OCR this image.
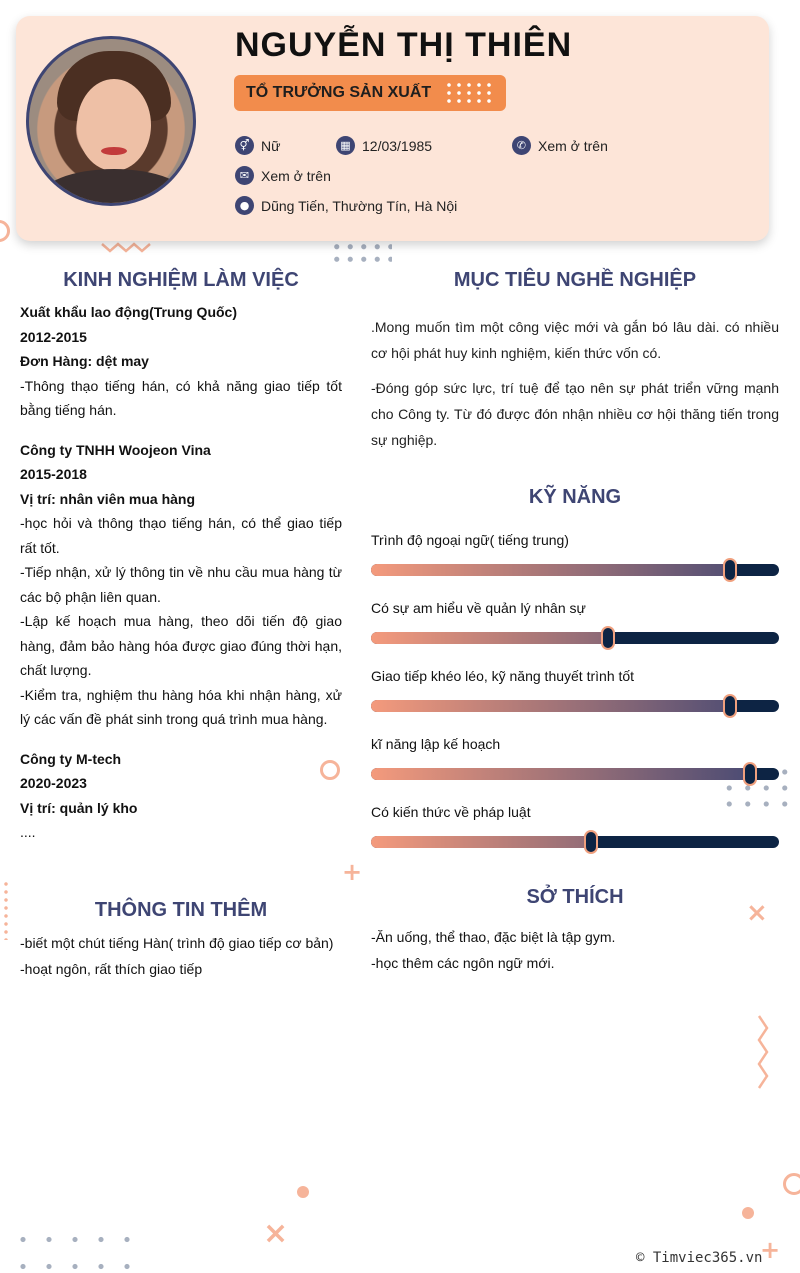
+
+
×
×
NGUYỄN THỊ THIÊN
TỔ TRƯỞNG SẢN XUẤT
⚥ Nữ	▦ 12/03/1985	✆ Xem ở trên
✉ Xem ở trên
● Dũng Tiến, Thường Tín, Hà Nội
KINH NGHIỆM LÀM VIỆC
Xuất khẩu lao động(Trung Quốc)
2012-2015
Đơn Hàng: dệt may

-Thông thạo tiếng hán, có khả năng giao tiếp tốt bằng tiếng hán.

Công ty TNHH Woojeon Vina
2015-2018
Vị trí: nhân viên mua hàng

-học hỏi và thông thạo tiếng hán, có thể giao tiếp rất tốt.

-Tiếp nhận, xử lý thông tin về nhu cầu mua hàng từ các bộ phận liên quan.

-Lập kế hoạch mua hàng, theo dõi tiến độ giao hàng, đảm bảo hàng hóa được giao đúng thời hạn, chất lượng.

-Kiểm tra, nghiệm thu hàng hóa khi nhận hàng, xử lý các vấn đề phát sinh trong quá trình mua hàng.

Công ty M-tech
2020-2023
Vị trí: quản lý kho

....

THÔNG TIN THÊM
-biết một chút tiếng Hàn( trình độ giao tiếp cơ bản)
-hoạt ngôn, rất thích giao tiếp
MỤC TIÊU NGHỀ NGHIỆP
.Mong muốn tìm một công việc mới và gắn bó lâu dài. có nhiều cơ hội phát huy kinh nghiệm, kiến thức vốn có.
-Đóng góp sức lực, trí tuệ để tạo nên sự phát triển vững mạnh cho Công ty. Từ đó được đón nhận nhiều cơ hội thăng tiến trong sự nghiệp.
KỸ NĂNG
Trình độ ngoại ngữ( tiếng trung)
Có sự am hiểu về quản lý nhân sự
Giao tiếp khéo léo, kỹ năng thuyết trình tốt
kĩ năng lập kế hoạch
Có kiến thức về pháp luật
SỞ THÍCH
-Ăn uống, thể thao, đặc biệt là tập gym.
-học thêm các ngôn ngữ mới.
© Timviec365.vn
